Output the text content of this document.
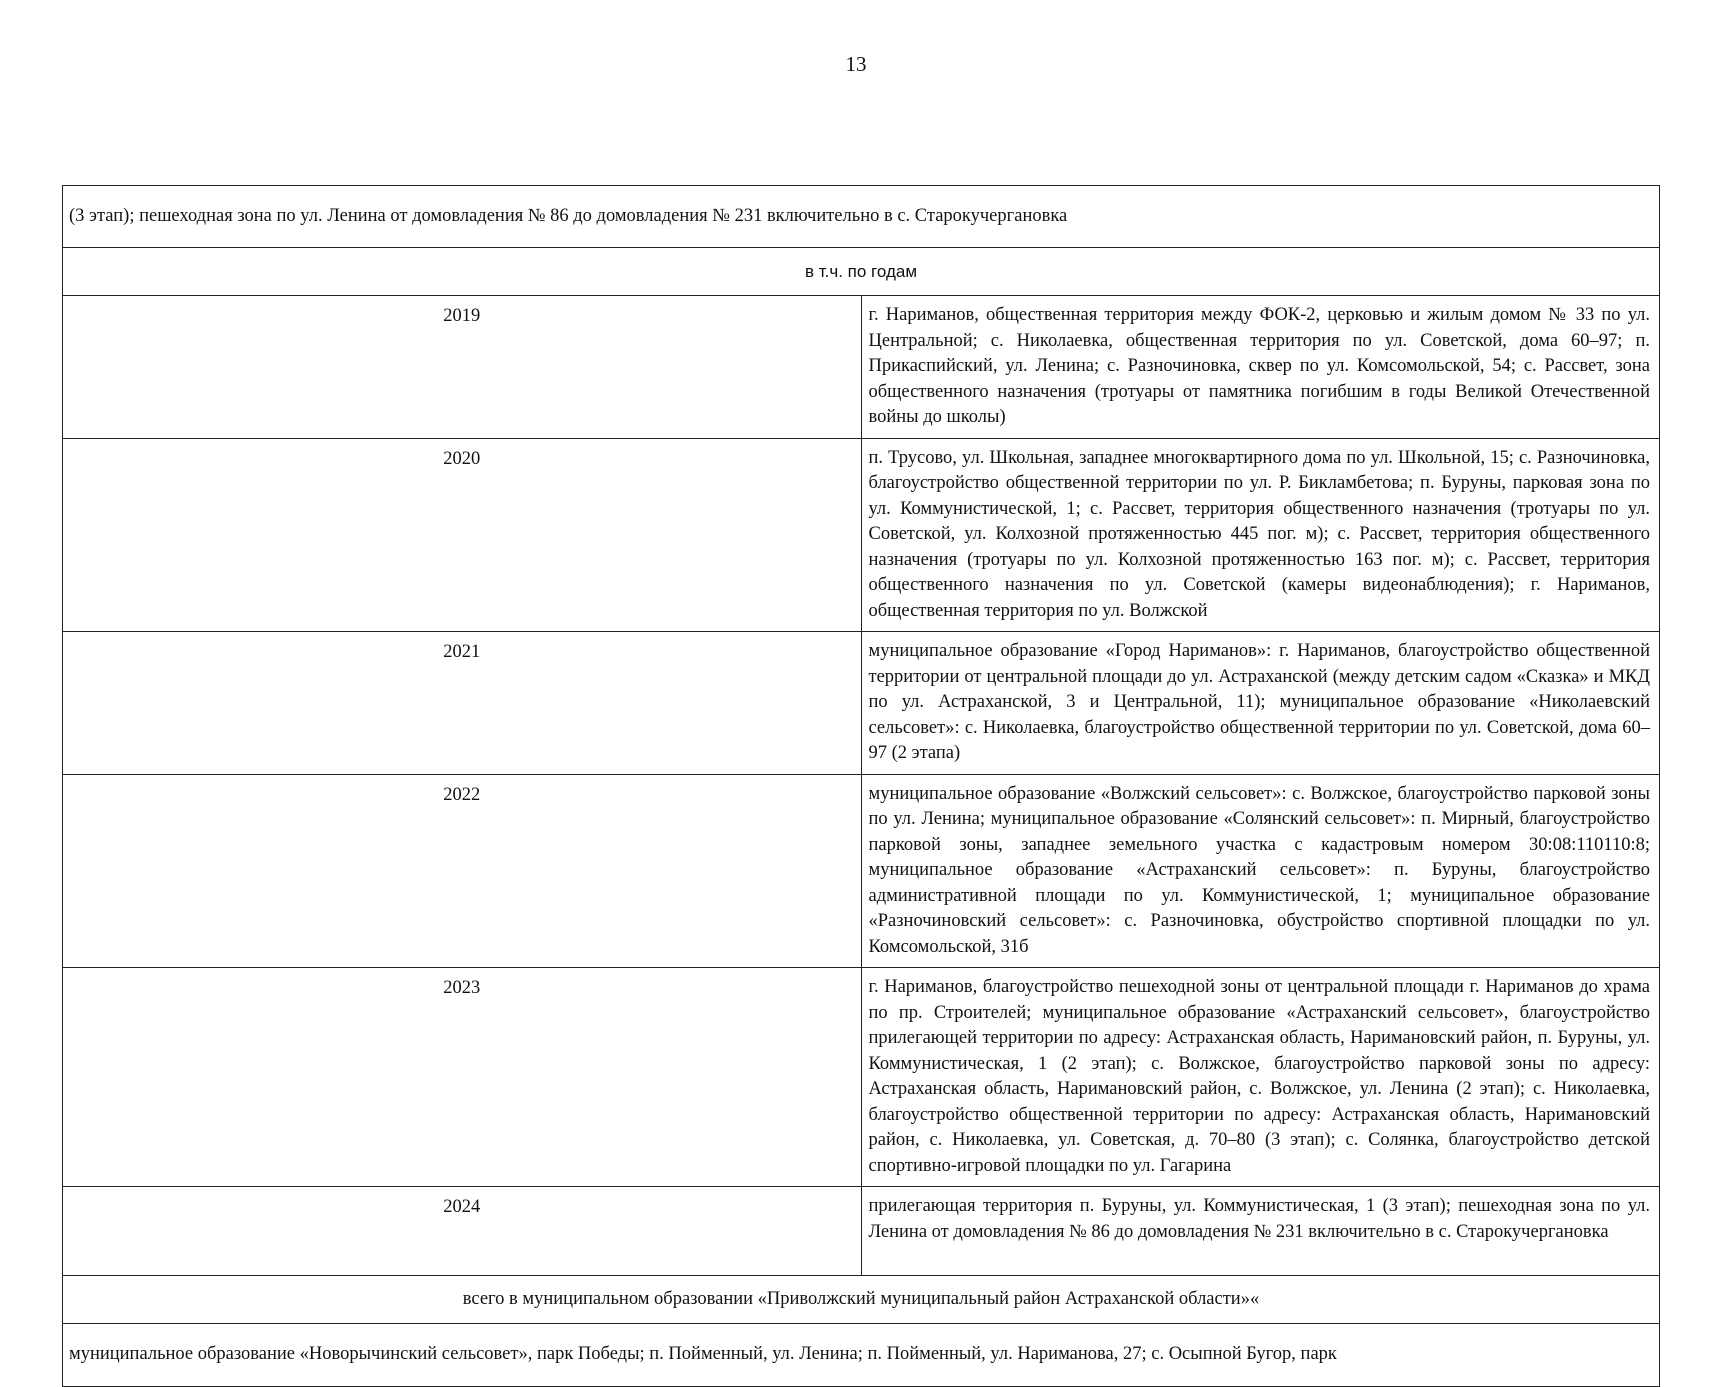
13
(3 этап); пешеходная зона по ул. Ленина от домовладения № 86 до домовладения № 231 включительно в с. Старокучергановка	
в т.ч. по годам	
2019	г. Нариманов, общественная территория между ФОК-2, церковью и жилым домом № 33 по ул. Центральной; с. Николаевка, общественная территория по ул. Советской, дома 60–97; п. Прикаспийский, ул. Ленина; с. Разночиновка, сквер по ул. Комсомольской, 54; с. Рассвет, зона общественного назначения (тротуары от памятника погибшим в годы Великой Отечественной войны до школы)
2020	п. Трусово, ул. Школьная, западнее многоквартирного дома по ул. Школьной, 15; с. Разночиновка, благоустройство общественной территории по ул. Р. Бикламбетова; п. Буруны, парковая зона по ул. Коммунистической, 1; с. Рассвет, территория общественного назначения (тротуары по ул. Советской, ул. Колхозной протяженностью 445 пог. м); с. Рассвет, территория общественного назначения (тротуары по ул. Колхозной протяженностью 163 пог. м); с. Рассвет, территория общественного назначения по ул. Советской (камеры видеонаблюдения); г. Нариманов, общественная территория по ул. Волжской
2021	муниципальное образование «Город Нариманов»: г. Нариманов, благоустройство общественной территории от центральной площади до ул. Астраханской (между детским садом «Сказка» и МКД по ул. Астраханской, 3 и Центральной, 11); муниципальное образование «Николаевский сельсовет»: с. Николаевка, благоустройство общественной территории по ул. Советской, дома 60–97 (2 этапа)
2022	муниципальное образование «Волжский сельсовет»: с. Волжское, благоустройство парковой зоны по ул. Ленина; муниципальное образование «Солянский сельсовет»: п. Мирный, благоустройство парковой зоны, западнее земельного участка с кадастровым номером 30:08:110110:8; муниципальное образование «Астраханский сельсовет»: п. Буруны, благоустройство административной площади по ул. Коммунистической, 1; муниципальное образование «Разночиновский сельсовет»: с. Разночиновка, обустройство спортивной площадки по ул. Комсомольской, 31б
2023	г. Нариманов, благоустройство пешеходной зоны от центральной площади г. Нариманов до храма по пр. Строителей; муниципальное образование «Астраханский сельсовет», благоустройство прилегающей территории по адресу: Астраханская область, Наримановский район, п. Буруны, ул. Коммунистическая, 1 (2 этап); с. Волжское, благоустройство парковой зоны по адресу: Астраханская область, Наримановский район, с. Волжское, ул. Ленина (2 этап); с. Николаевка, благоустройство общественной территории по адресу: Астраханская область, Наримановский район, с. Николаевка, ул. Советская, д. 70–80 (3 этап); с. Солянка, благоустройство детской спортивно-игровой площадки по ул. Гагарина
2024	прилегающая территория п. Буруны, ул. Коммунистическая, 1 (3 этап); пешеходная зона по ул. Ленина от домовладения № 86 до домовладения № 231 включительно в с. Старокучергановка
всего в муниципальном образовании «Приволжский муниципальный район Астраханской области»«	
муниципальное образование «Новорычинский сельсовет», парк Победы; п. Пойменный, ул. Ленина; п. Пойменный, ул. Нариманова, 27; с. Осыпной Бугор, парк	
